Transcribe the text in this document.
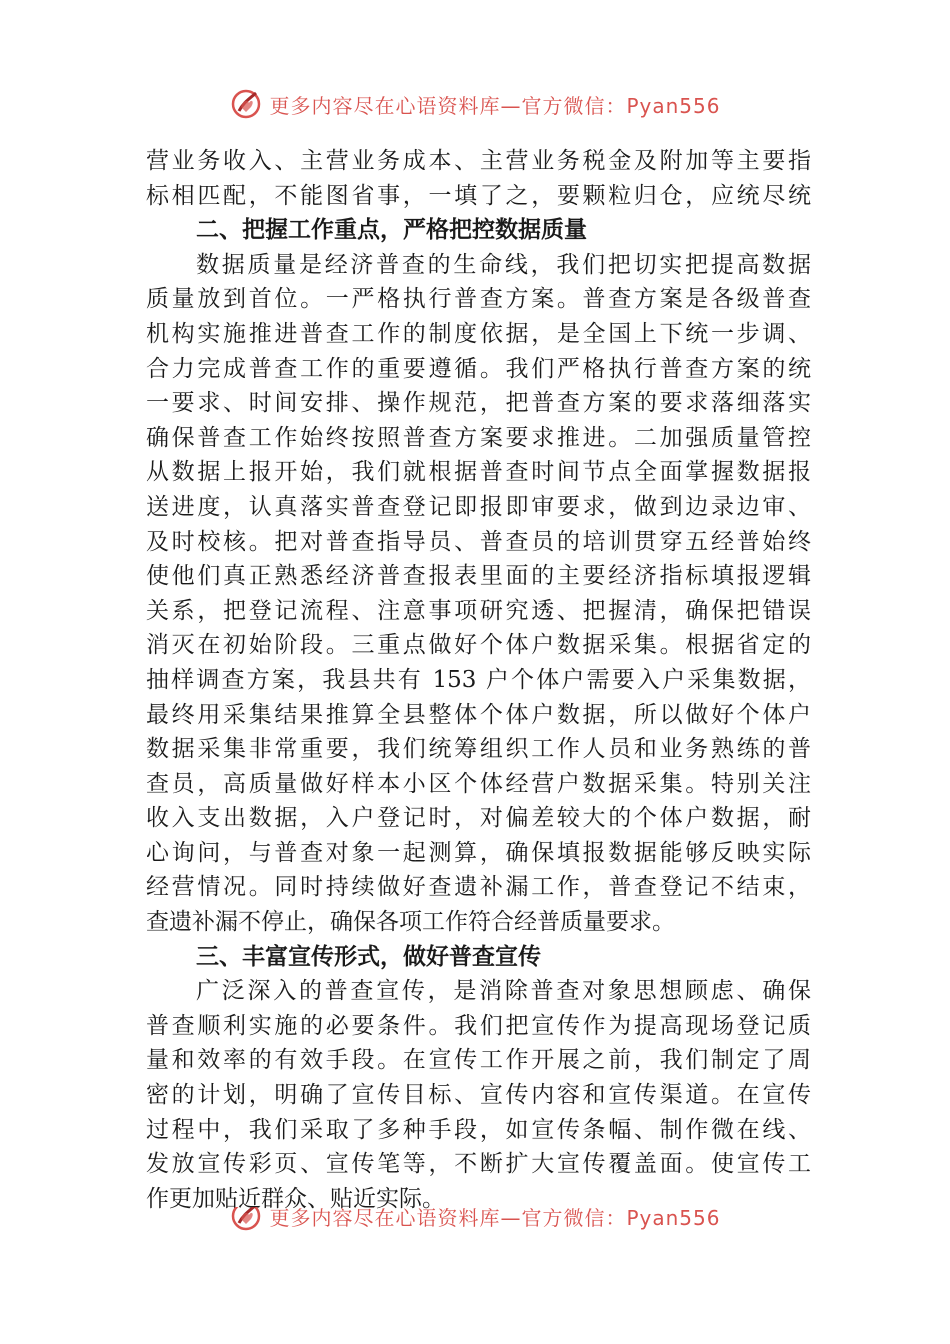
更多内容尽在心语资料库—官方微信：Pyan556
营业务收入、主营业务成本、主营业务税金及附加等主要指
标相匹配，不能图省事，一填了之，要颗粒归仓，应统尽统
二、把握工作重点，严格把控数据质量
数据质量是经济普查的生命线，我们把切实把提高数据
质量放到首位。一严格执行普查方案。普查方案是各级普查
机构实施推进普查工作的制度依据，是全国上下统一步调、
合力完成普查工作的重要遵循。我们严格执行普查方案的统
一要求、时间安排、操作规范，把普查方案的要求落细落实
确保普查工作始终按照普查方案要求推进。二加强质量管控
从数据上报开始，我们就根据普查时间节点全面掌握数据报
送进度，认真落实普查登记即报即审要求，做到边录边审、
及时校核。把对普查指导员、普查员的培训贯穿五经普始终
使他们真正熟悉经济普查报表里面的主要经济指标填报逻辑
关系，把登记流程、注意事项研究透、把握清，确保把错误
消灭在初始阶段。三重点做好个体户数据采集。根据省定的
抽样调查方案，我县共有 153 户个体户需要入户采集数据，
最终用采集结果推算全县整体个体户数据，所以做好个体户
数据采集非常重要，我们统筹组织工作人员和业务熟练的普
查员，高质量做好样本小区个体经营户数据采集。特别关注
收入支出数据，入户登记时，对偏差较大的个体户数据，耐
心询问，与普查对象一起测算，确保填报数据能够反映实际
经营情况。同时持续做好查遗补漏工作，普查登记不结束，
查遗补漏不停止，确保各项工作符合经普质量要求。
三、丰富宣传形式，做好普查宣传
广泛深入的普查宣传，是消除普查对象思想顾虑、确保
普查顺利实施的必要条件。我们把宣传作为提高现场登记质
量和效率的有效手段。在宣传工作开展之前，我们制定了周
密的计划，明确了宣传目标、宣传内容和宣传渠道。在宣传
过程中，我们采取了多种手段，如宣传条幅、制作微在线、
发放宣传彩页、宣传笔等，不断扩大宣传覆盖面。使宣传工
作更加贴近群众、贴近实际。
更多内容尽在心语资料库—官方微信：Pyan556
